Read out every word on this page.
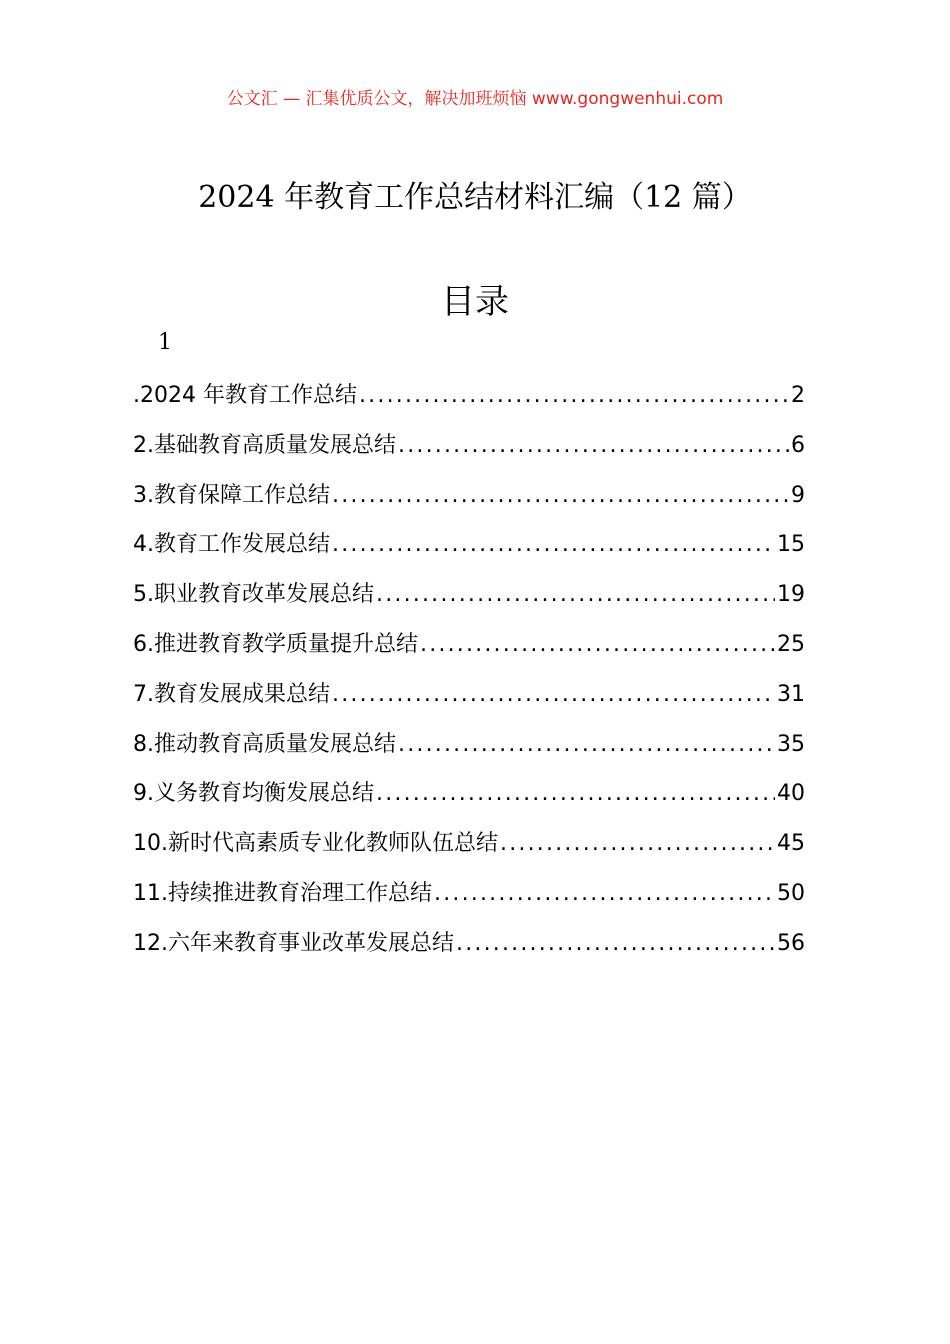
公文汇 — 汇集优质公文，解决加班烦恼 www.gongwenhui.com
2024 年教育工作总结材料汇编（12 篇）
目录
1
.2024 年教育工作总结 .....	2
2.基础教育高质量发展总结 .....	6
3.教育保障工作总结 .....	9
4.教育工作发展总结 .....	15
5.职业教育改革发展总结 .....	19
6.推进教育教学质量提升总结 .....	25
7.教育发展成果总结 .....	31
8.推动教育高质量发展总结 .....	35
9.义务教育均衡发展总结 .....	40
10.新时代高素质专业化教师队伍总结 .....	45
11.持续推进教育治理工作总结 .....	50
12.六年来教育事业改革发展总结 .....	56
